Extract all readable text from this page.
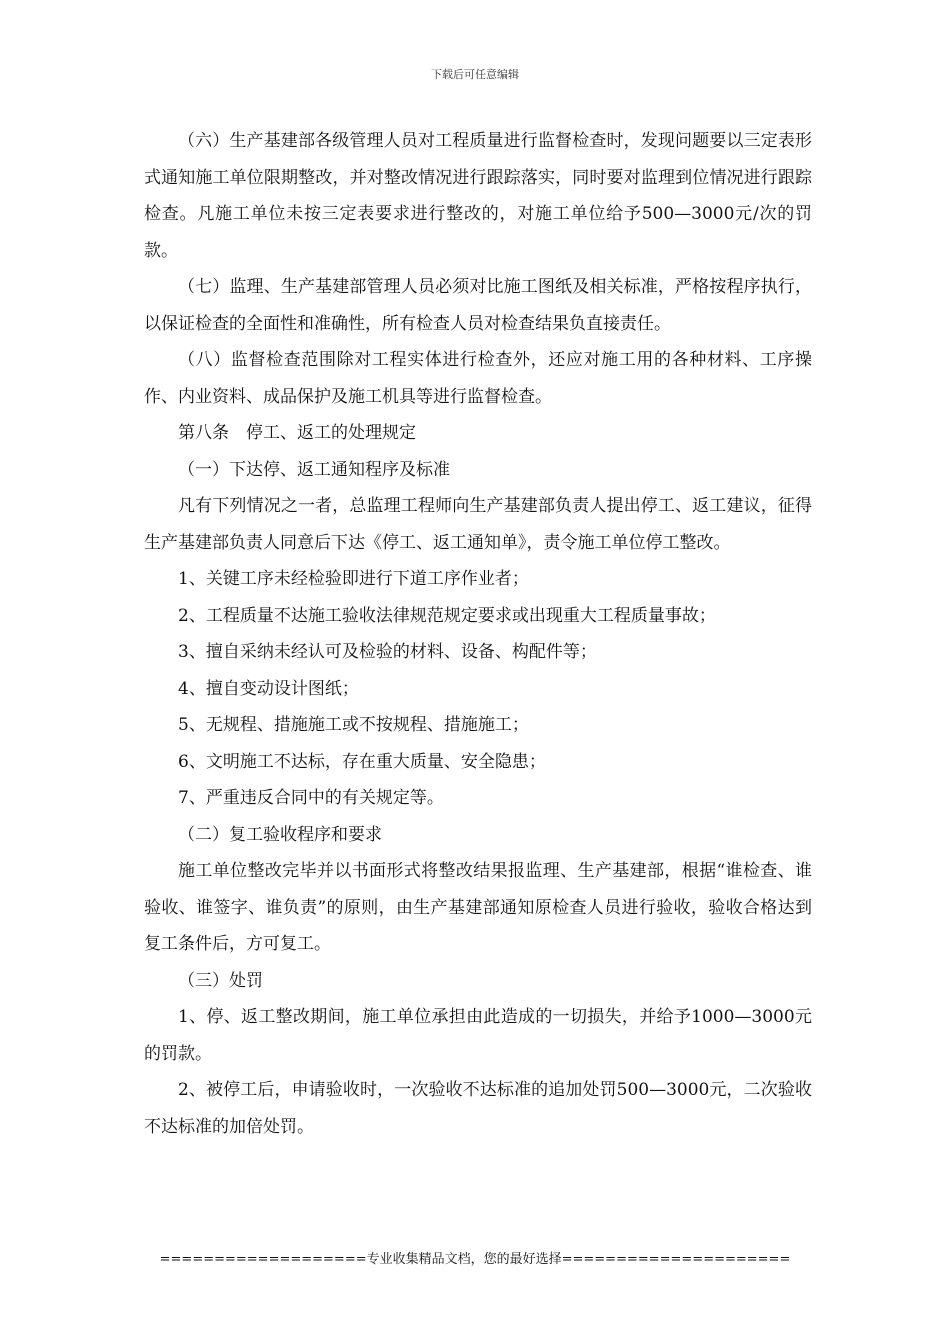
下载后可任意编辑

（六）生产基建部各级管理人员对工程质量进行监督检查时，发现问题要以三定表形式通知施工单位限期整改，并对整改情况进行跟踪落实，同时要对监理到位情况进行跟踪检查。凡施工单位未按三定表要求进行整改的，对施工单位给予500—3000元/次的罚款。

（七）监理、生产基建部管理人员必须对比施工图纸及相关标准，严格按程序执行，以保证检查的全面性和准确性，所有检查人员对检查结果负直接责任。

（八）监督检查范围除对工程实体进行检查外，还应对施工用的各种材料、工序操作、内业资料、成品保护及施工机具等进行监督检查。

第八条　停工、返工的处理规定

（一）下达停、返工通知程序及标准

凡有下列情况之一者，总监理工程师向生产基建部负责人提出停工、返工建议，征得生产基建部负责人同意后下达《停工、返工通知单》，责令施工单位停工整改。

1、关键工序未经检验即进行下道工序作业者；

2、工程质量不达施工验收法律规范规定要求或出现重大工程质量事故；

3、擅自采纳未经认可及检验的材料、设备、构配件等；

4、擅自变动设计图纸；

5、无规程、措施施工或不按规程、措施施工；

6、文明施工不达标，存在重大质量、安全隐患；

7、严重违反合同中的有关规定等。

（二）复工验收程序和要求

施工单位整改完毕并以书面形式将整改结果报监理、生产基建部，根据“谁检查、谁验收、谁签字、谁负责”的原则，由生产基建部通知原检查人员进行验收，验收合格达到复工条件后，方可复工。

（三）处罚

1、停、返工整改期间，施工单位承担由此造成的一切损失，并给予1000—3000元的罚款。

2、被停工后，申请验收时，一次验收不达标准的追加处罚500—3000元，二次验收不达标准的加倍处罚。

===================专业收集精品文档，您的最好选择=====================
